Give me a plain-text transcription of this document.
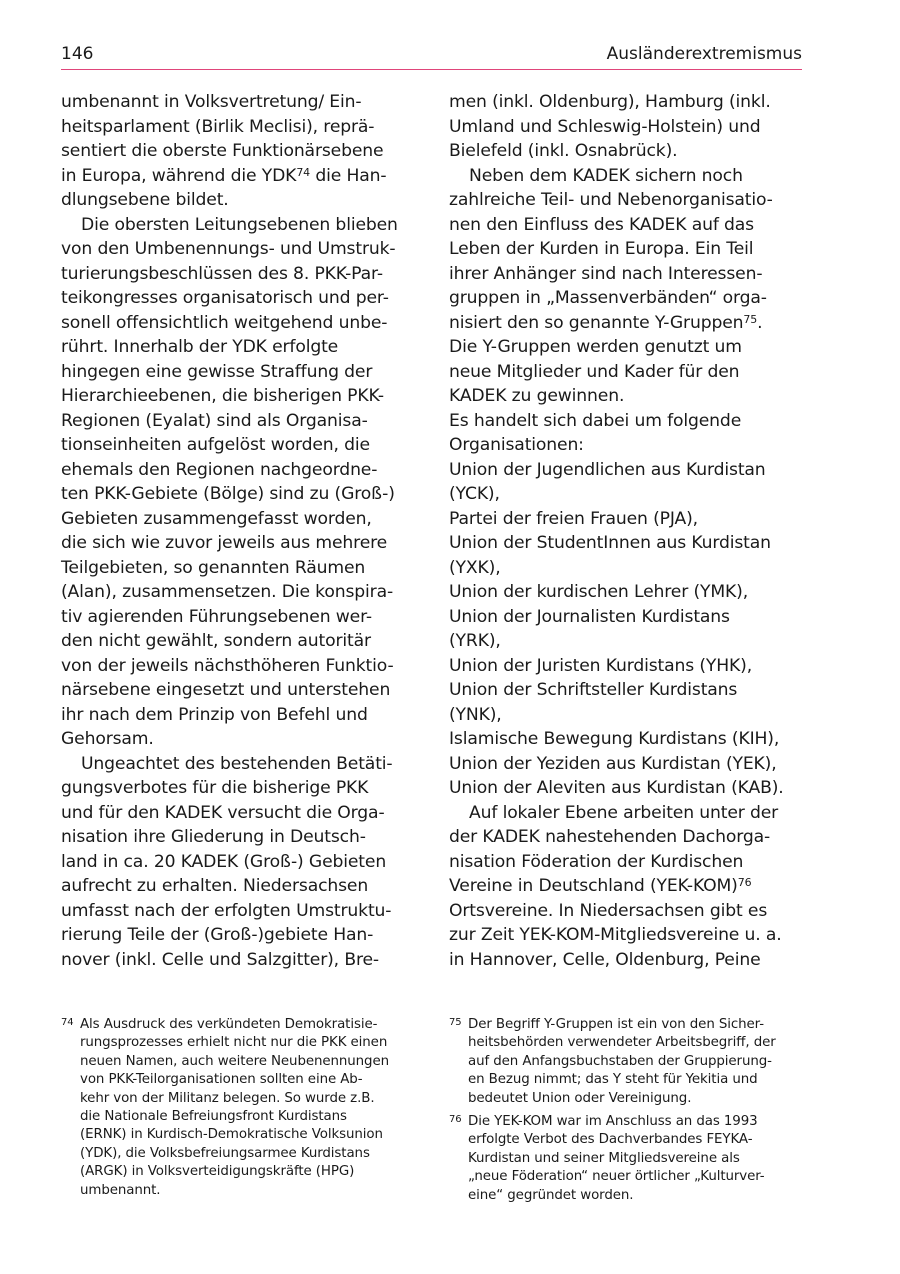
146	Ausländerextremismus
umbenannt in Volksvertretung/ Ein-
heitsparlament (Birlik Meclisi), reprä-
sentiert die oberste Funktionärsebene
in Europa, während die YDK$^{74}$ die Han-
dlungsebene bildet.
Die obersten Leitungsebenen blieben
von den Umbenennungs- und Umstruk-
turierungsbeschlüssen des 8. PKK-Par-
teikongresses organisatorisch und per-
sonell offensichtlich weitgehend unbe-
rührt. Innerhalb der YDK erfolgte
hingegen eine gewisse Straffung der
Hierarchieebenen, die bisherigen PKK-
Regionen (Eyalat) sind als Organisa-
tionseinheiten aufgelöst worden, die
ehemals den Regionen nachgeordne-
ten PKK-Gebiete (Bölge) sind zu (Groß-)
Gebieten zusammengefasst worden,
die sich wie zuvor jeweils aus mehrere
Teilgebieten, so genannten Räumen
(Alan), zusammensetzen. Die konspira-
tiv agierenden Führungsebenen wer-
den nicht gewählt, sondern autoritär
von der jeweils nächsthöheren Funktio-
närsebene eingesetzt und unterstehen
ihr nach dem Prinzip von Befehl und
Gehorsam.
Ungeachtet des bestehenden Betäti-
gungsverbotes für die bisherige PKK
und für den KADEK versucht die Orga-
nisation ihre Gliederung in Deutsch-
land in ca. 20 KADEK (Groß-) Gebieten
aufrecht zu erhalten. Niedersachsen
umfasst nach der erfolgten Umstruktu-
rierung Teile der (Groß-)gebiete Han-
nover (inkl. Celle und Salzgitter), Bre-
men (inkl. Oldenburg), Hamburg (inkl.
Umland und Schleswig-Holstein) und
Bielefeld (inkl. Osnabrück).
Neben dem KADEK sichern noch
zahlreiche Teil- und Nebenorganisatio-
nen den Einfluss des KADEK auf das
Leben der Kurden in Europa. Ein Teil
ihrer Anhänger sind nach Interessen-
gruppen in „Massenverbänden“ orga-
nisiert den so genannte Y-Gruppen$^{75}$.
Die Y-Gruppen werden genutzt um
neue Mitglieder und Kader für den
KADEK zu gewinnen.
Es handelt sich dabei um folgende
Organisationen:
Union der Jugendlichen aus Kurdistan
(YCK),
Partei der freien Frauen (PJA),
Union der StudentInnen aus Kurdistan
(YXK),
Union der kurdischen Lehrer (YMK),
Union der Journalisten Kurdistans
(YRK),
Union der Juristen Kurdistans (YHK),
Union der Schriftsteller Kurdistans
(YNK),
Islamische Bewegung Kurdistans (KIH),
Union der Yeziden aus Kurdistan (YEK),
Union der Aleviten aus Kurdistan (KAB).
Auf lokaler Ebene arbeiten unter der
der KADEK nahestehenden Dachorga-
nisation Föderation der Kurdischen
Vereine in Deutschland $(YEK-KOM)^{76}$
Ortsvereine. In Niedersachsen gibt es
zur Zeit YEK-KOM-Mitgliedsvereine u. a.
in Hannover, Celle, Oldenburg, Peine
74 Als Ausdruck des verkündeten Demokratisie-
rungsprozesses erhielt nicht nur die PKK einen
neuen Namen, auch weitere Neubenennungen
von PKK-Teilorganisationen sollten eine Ab-
kehr von der Militanz belegen. So wurde z.B.
die Nationale Befreiungsfront Kurdistans
(ERNK) in Kurdisch-Demokratische Volksunion
(YDK), die Volksbefreiungsarmee Kurdistans
(ARGK) in Volksverteidigungskräfte (HPG)
umbenannt.
75 Der Begriff Y-Gruppen ist ein von den Sicher-
heitsbehörden verwendeter Arbeitsbegriff, der
auf den Anfangsbuchstaben der Gruppierung-
en Bezug nimmt; das Y steht für Yekitia und
bedeutet Union oder Vereinigung.
76 Die YEK-KOM war im Anschluss an das 1993
erfolgte Verbot des Dachverbandes FEYKA-
Kurdistan und seiner Mitgliedsvereine als
„neue Föderation“ neuer örtlicher „Kulturver-
eine“ gegründet worden.
